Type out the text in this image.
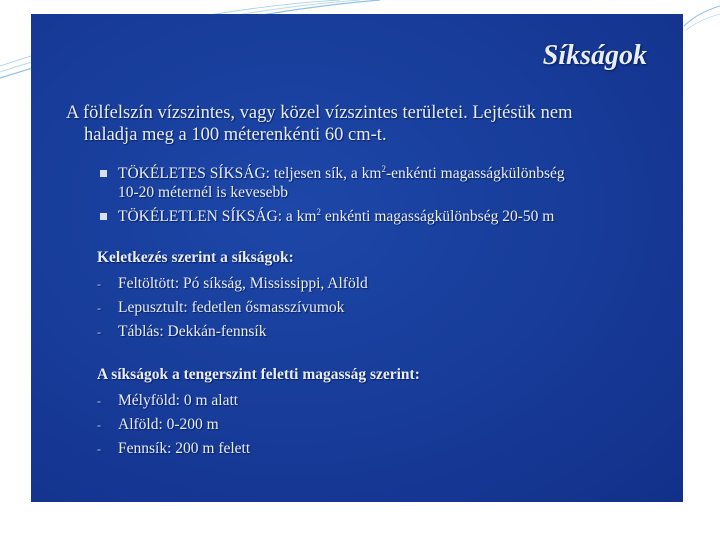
Síkságok
A fölfelszín vízszintes, vagy közel vízszintes területei. Lejtésük nem
haladja meg a 100 méterenkénti 60 cm-t.
TÖKÉLETES SÍKSÁG: teljesen sík, a $km^2$-enkénti magasságkülönbség
10-20 méternél is kevesebb
TÖKÉLETLEN SÍKSÁG: a $km^2$ enkénti magasságkülönbség 20-50 m
Keletkezés szerint a síkságok:
- Feltöltött: Pó síkság, Mississippi, Alföld
- Lepusztult: fedetlen ősmasszívumok
- Táblás: Dekkán-fennsík
A síkságok a tengerszint feletti magasság szerint:
- Mélyföld: 0 m alatt
- Alföld: 0-200 m
- Fennsík: 200 m felett
